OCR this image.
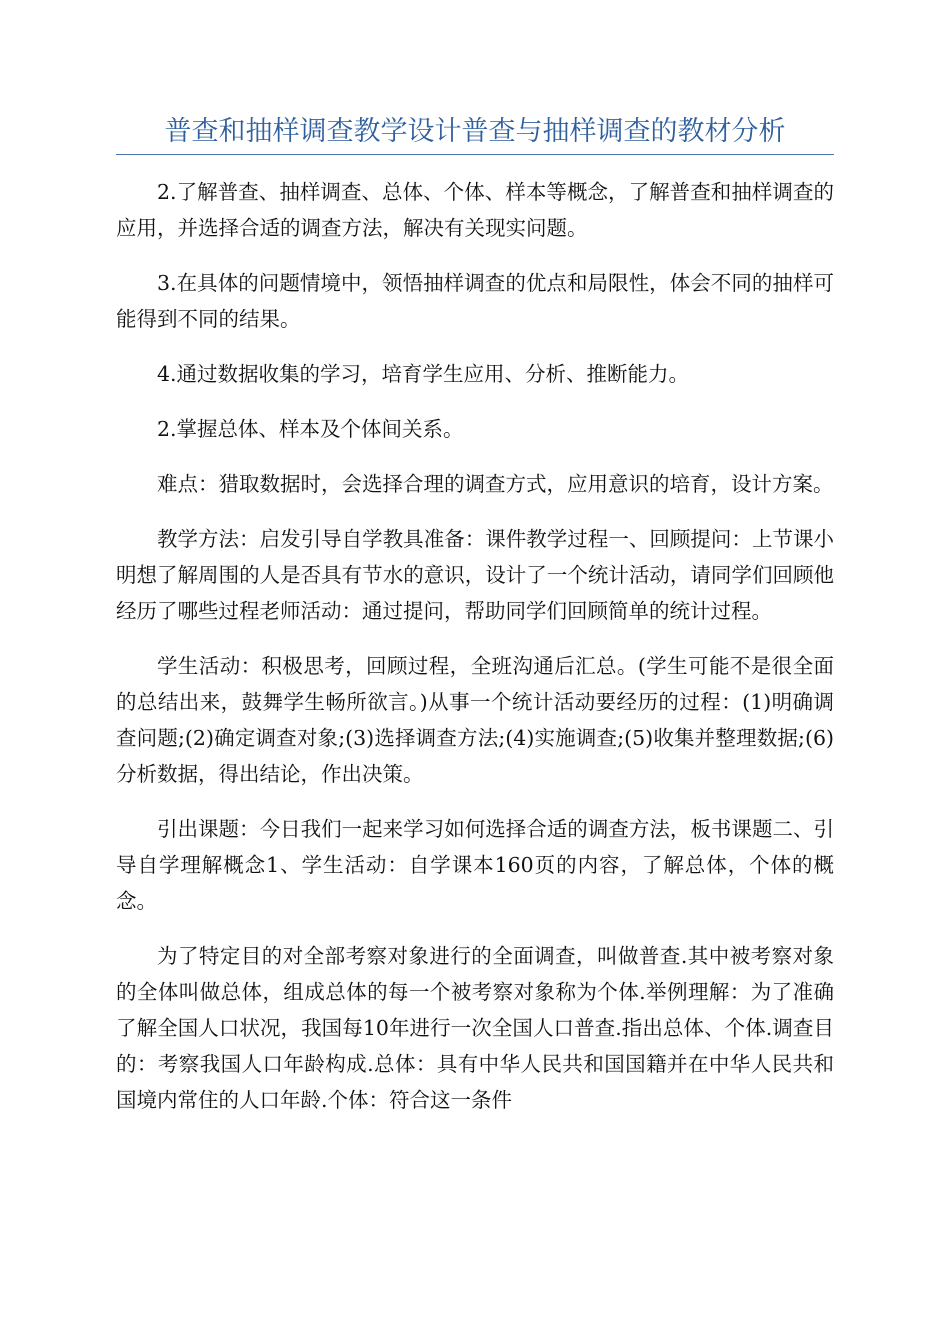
普查和抽样调查教学设计普查与抽样调查的教材分析

2.了解普查、抽样调查、总体、个体、样本等概念，了解普查和抽样调查的应用，并选择合适的调查方法，解决有关现实问题。

3.在具体的问题情境中，领悟抽样调查的优点和局限性，体会不同的抽样可能得到不同的结果。

4.通过数据收集的学习，培育学生应用、分析、推断能力。

2.掌握总体、样本及个体间关系。

难点：猎取数据时，会选择合理的调查方式，应用意识的培育，设计方案。

教学方法：启发引导自学教具准备：课件教学过程一、回顾提问：上节课小明想了解周围的人是否具有节水的意识，设计了一个统计活动，请同学们回顾他经历了哪些过程老师活动：通过提问，帮助同学们回顾简单的统计过程。

学生活动：积极思考，回顾过程，全班沟通后汇总。(学生可能不是很全面的总结出来，鼓舞学生畅所欲言。)从事一个统计活动要经历的过程：(1)明确调查问题;(2)确定调查对象;(3)选择调查方法;(4)实施调查;(5)收集并整理数据;(6)分析数据，得出结论，作出决策。

引出课题：今日我们一起来学习如何选择合适的调查方法，板书课题二、引导自学理解概念1、学生活动：自学课本160页的内容，了解总体，个体的概念。

为了特定目的对全部考察对象进行的全面调查，叫做普查.其中被考察对象的全体叫做总体，组成总体的每一个被考察对象称为个体.举例理解：为了准确了解全国人口状况，我国每10年进行一次全国人口普查.指出总体、个体.调查目的：考察我国人口年龄构成.总体：具有中华人民共和国国籍并在中华人民共和国境内常住的人口年龄.个体：符合这一条件
